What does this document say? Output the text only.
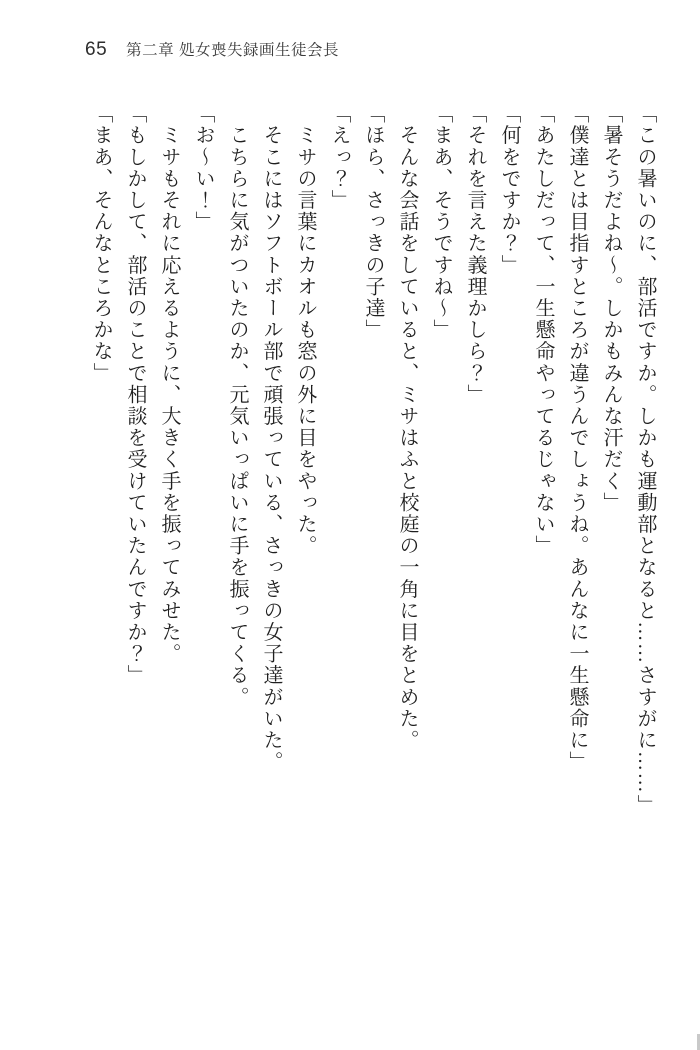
65 第二章 処女喪失録画生徒会長

「この暑いのに、部活ですか。しかも運動部となると……さすがに……」

「暑そうだよね〜。しかもみんな汗だく」

「僕達とは目指すところが違うんでしょうね。あんなに一生懸命に」

「あたしだって、一生懸命やってるじゃない」

「何をですか？」

「それを言えた義理かしら？」

「まあ、そうですね〜」

　そんな会話をしていると、ミサはふと校庭の一角に目をとめた。

「ほら、さっきの子達」

「えっ？」

　ミサの言葉にカオルも窓の外に目をやった。

　そこにはソフトボール部で頑張っている、さっきの女子達がいた。

　こちらに気がついたのか、元気いっぱいに手を振ってくる。

「お〜い！」

　ミサもそれに応えるように、大きく手を振ってみせた。

「もしかして、部活のことで相談を受けていたんですか？」

「まあ、そんなところかな」
